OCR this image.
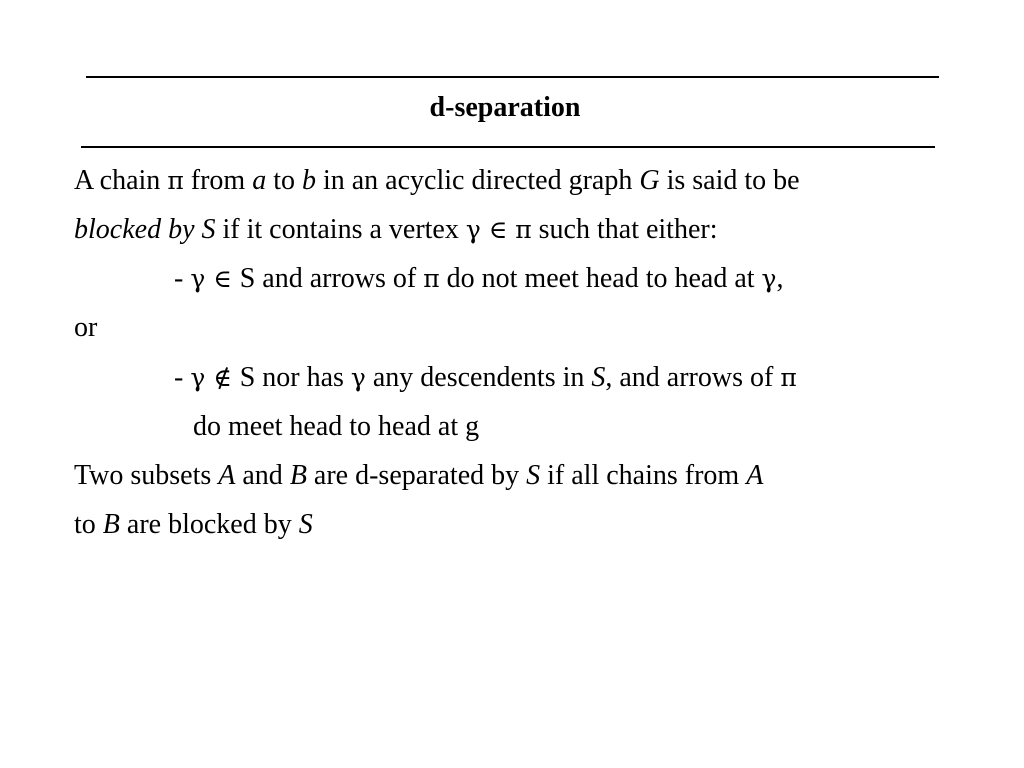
d-separation
A chain π from a to b in an acyclic directed graph G is said to be
blocked by S if it contains a vertex γ ∈ π such that either:
- γ ∈ S and arrows of π do not meet head to head at γ,
or
- γ ∉ S nor has γ any descendents in S, and arrows of π
do meet head to head at g
Two subsets A and B are d-separated by S if all chains from A
to B are blocked by S
